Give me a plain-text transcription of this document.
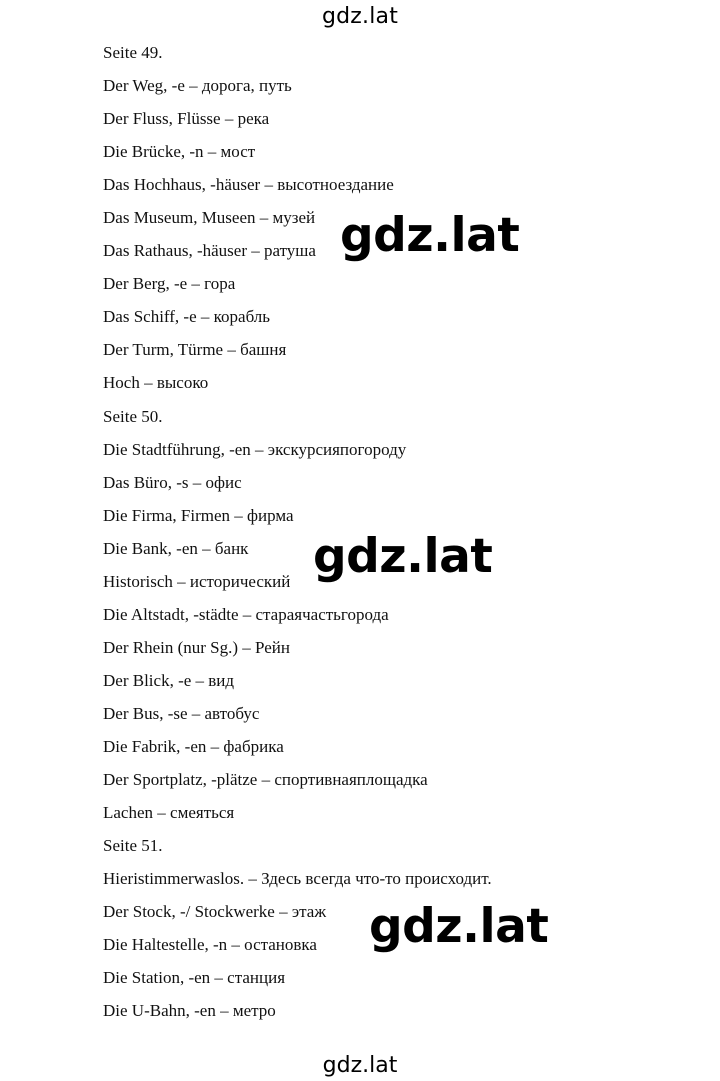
gdz.lat
Seite 49.
Der Weg, -e – дорога, путь
Der Fluss, Flüsse – река
Die Brücke, -n – мост
Das Hochhaus, -häuser – высотноездание
Das Museum, Museen – музей
Das Rathaus, -häuser – ратуша
Der Berg, -e – гора
Das Schiff, -e – корабль
Der Turm, Türme – башня
Hoch – высоко
Seite 50.
Die Stadtführung, -en – экскурсияпогороду
Das Büro, -s – офис
Die Firma, Firmen – фирма
Die Bank, -en – банк
Historisch – исторический
Die Altstadt, -städte – стараячастьгорода
Der Rhein (nur Sg.) – Рейн
Der Blick, -e – вид
Der Bus, -se – автобус
Die Fabrik, -en – фабрика
Der Sportplatz, -plätze – спортивнаяплощадка
Lachen – смеяться
Seite 51.
Hieristimmerwaslos. – Здесь всегда что-то происходит.
Der Stock, -/ Stockwerke – этаж
Die Haltestelle, -n – остановка
Die Station, -en – станция
Die U-Bahn, -en – метро
gdz.lat
gdz.lat
gdz.lat
gdz.lat
